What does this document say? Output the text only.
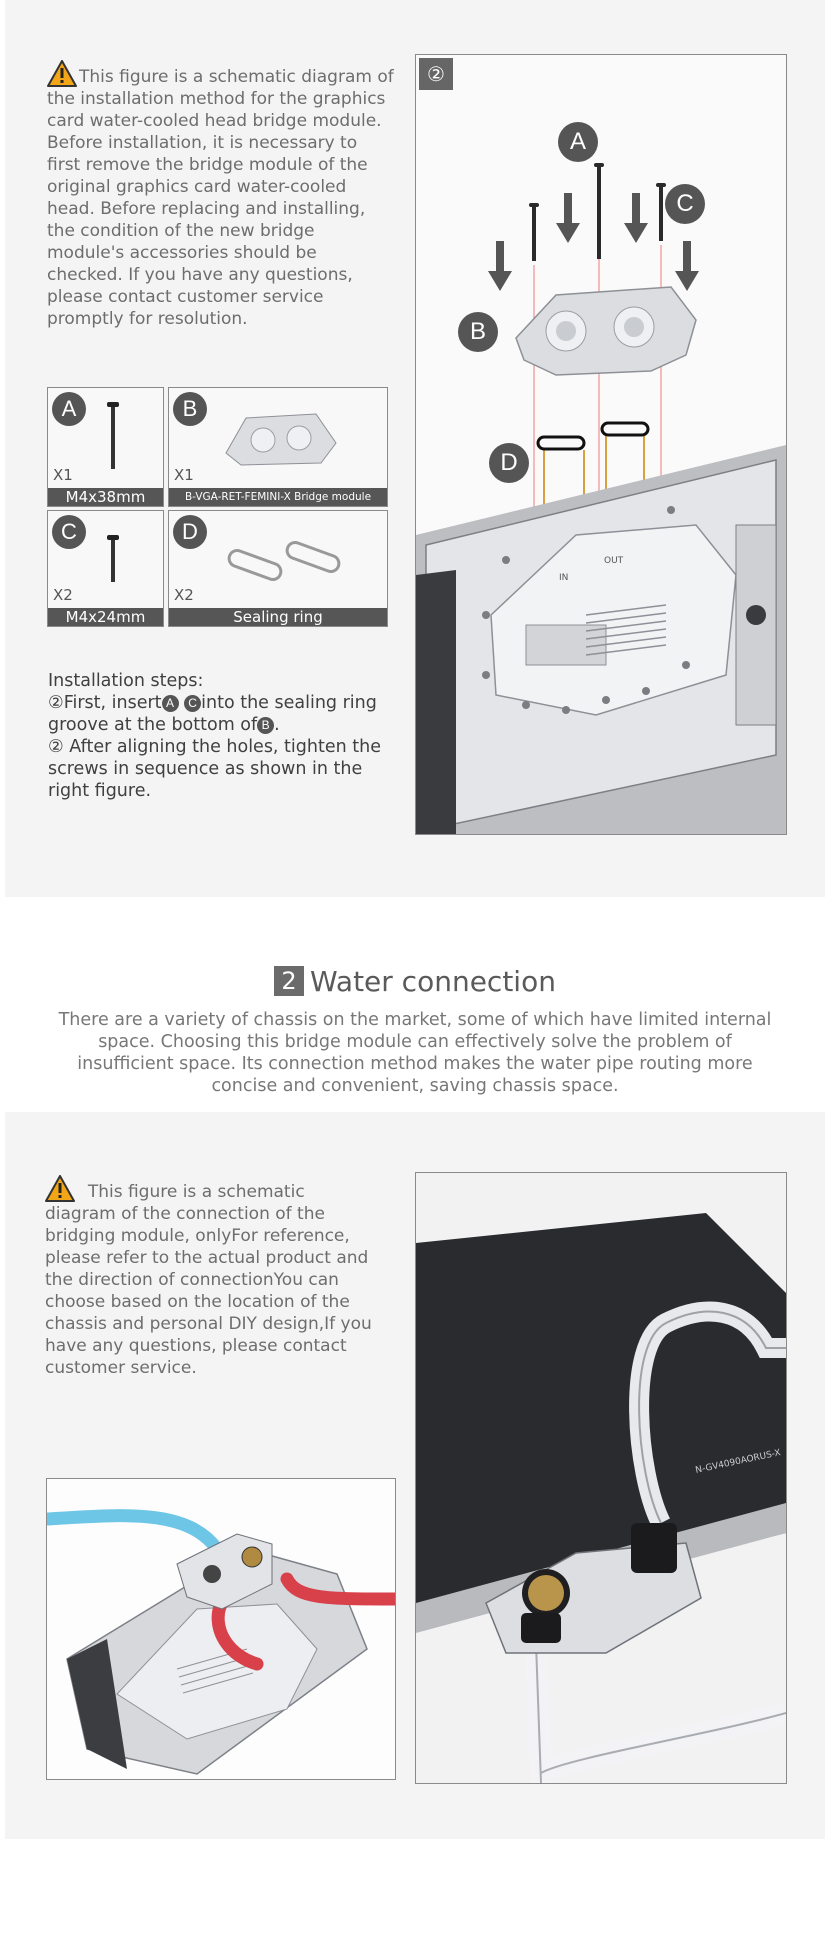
This figure is a schematic diagram of the installation method for the graphics card water-cooled head bridge module. Before installation, it is necessary to first remove the bridge module of the original graphics card water-cooled head. Before replacing and installing, the condition of the new bridge module's accessories should be checked. If you have any questions, please contact customer service promptly for resolution.
②
IN
OUT
A
C
B
D
A
X1
M4x38mm
B
X1
B-VGA-RET-FEMINI-X Bridge module
C
X2
M4x24mm
D
X2
Sealing ring
Installation steps:
②First, insert A C into the sealing ring groove at the bottom of B .
② After aligning the holes, tighten the screws in sequence as shown in the right figure.
2 Water connection
There are a variety of chassis on the market, some of which have limited internal space. Choosing this bridge module can effectively solve the problem of insufficient space. Its connection method makes the water pipe routing more concise and convenient, saving chassis space.
This figure is a schematic diagram of the connection of the bridging module, onlyFor reference, please refer to the actual product and the direction of connectionYou can choose based on the location of the chassis and personal DIY design,If you have any questions, please contact customer service.
N-GV4090AORUS-X
